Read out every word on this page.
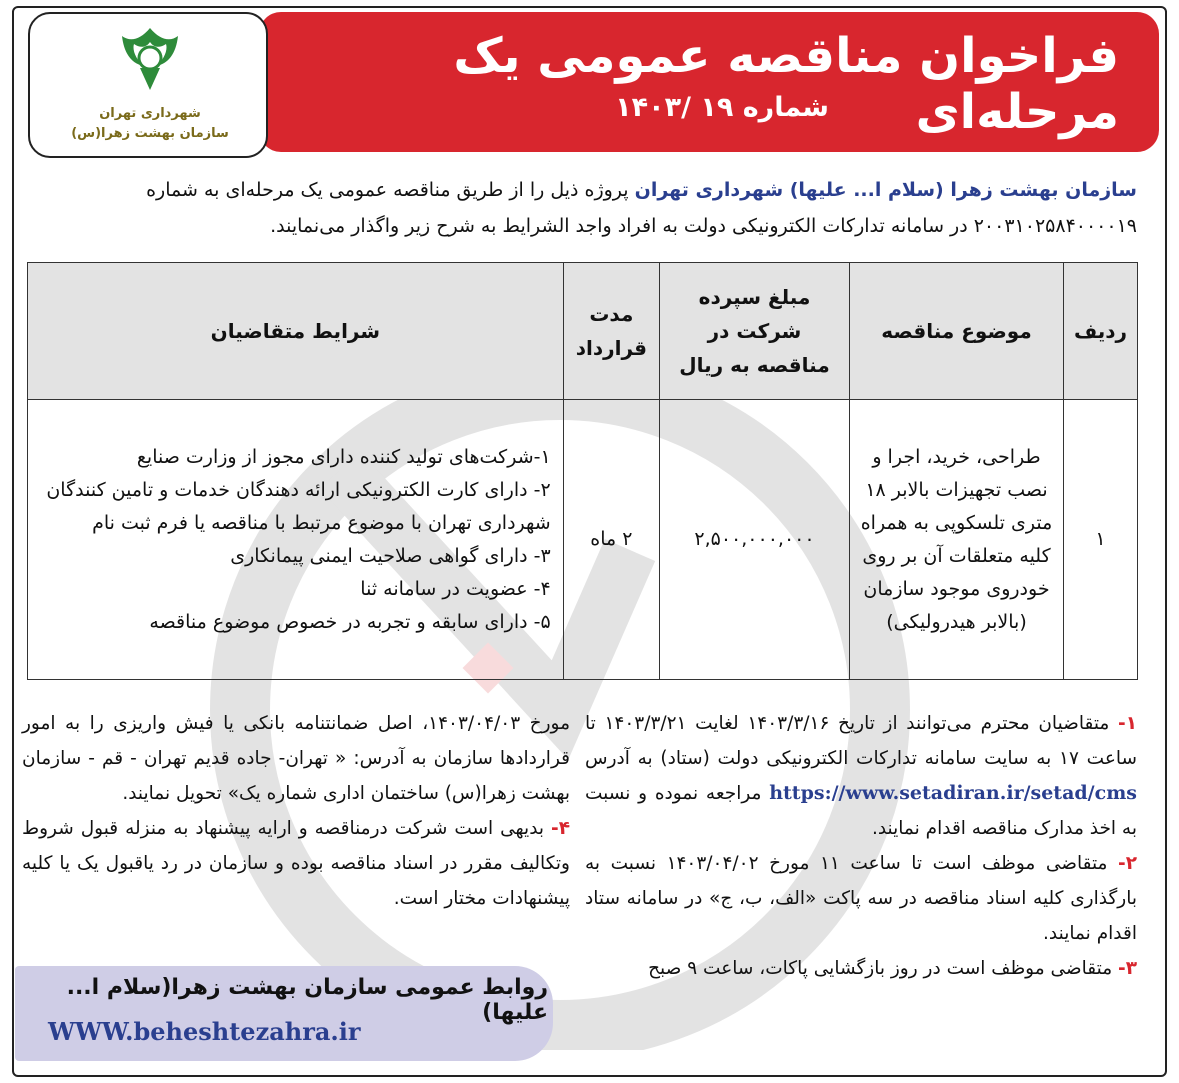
فراخوان مناقصه عمومی یک مرحله‌ای
شماره ۱۹ /۱۴۰۳
شهرداری تهران
سازمان بهشت زهرا(س)
سازمان بهشت زهرا (سلام ا... علیها) شهرداری تهران پروژه ذیل را از طریق مناقصه عمومی یک مرحله‌ای به شماره ۲۰۰۳۱۰۲۵۸۴۰۰۰۰۱۹ در سامانه تدارکات الکترونیکی دولت به افراد واجد الشرایط به شرح زیر واگذار می‌نمایند.
ردیف	موضوع مناقصه	مبلغ سپرده شرکت در مناقصه به ریال	مدت قرارداد	شرایط متقاضیان
۱	طراحی، خرید، اجرا و نصب تجهیزات بالابر ۱۸ متری تلسکوپی به همراه کلیه متعلقات آن بر روی خودروی موجود سازمان (بالابر هیدرولیکی)	۲,۵۰۰,۰۰۰,۰۰۰	۲ ماه	۱-شرکت‌های تولید کننده دارای مجوز از وزارت صنایع
۲- دارای کارت الکترونیکی ارائه دهندگان خدمات و تامین کنندگان شهرداری تهران با موضوع مرتبط با مناقصه یا فرم ثبت نام
۳- دارای گواهی صلاحیت ایمنی پیمانکاری
۴- عضویت در سامانه ثنا
۵- دارای سابقه و تجربه در خصوص موضوع مناقصه

۱- متقاضیان محترم می‌توانند از تاریخ ۱۴۰۳/۳/۱۶ لغایت ۱۴۰۳/۳/۲۱ تا ساعت ۱۷ به سایت سامانه تدارکات الکترونیکی دولت (ستاد) به آدرس https://www.setadiran.ir/setad/cms مراجعه نموده و نسبت به اخذ مدارک مناقصه اقدام نمایند.

۲- متقاضی موظف است تا ساعت ۱۱ مورخ ۱۴۰۳/۰۴/۰۲ نسبت به بارگذاری کلیه اسناد مناقصه در سه پاکت «الف، ب، ج» در سامانه ستاد اقدام نمایند.

۳- متقاضی موظف است در روز بازگشایی پاکات، ساعت ۹ صبح

مورخ ۱۴۰۳/۰۴/۰۳، اصل ضمانتنامه بانکی یا فیش واریزی را به امور قراردادها سازمان به آدرس: « تهران- جاده قدیم تهران - قم - سازمان بهشت زهرا(س) ساختمان اداری شماره یک» تحویل نمایند.

۴- بدیهی است شرکت درمناقصه و ارایه پیشنهاد به منزله قبول شروط وتکالیف مقرر در اسناد مناقصه بوده و سازمان در رد یاقبول یک یا کلیه پیشنهادات مختار است.

روابط عمومی سازمان بهشت زهرا(سلام ا... علیها)
WWW.beheshtezahra.ir
